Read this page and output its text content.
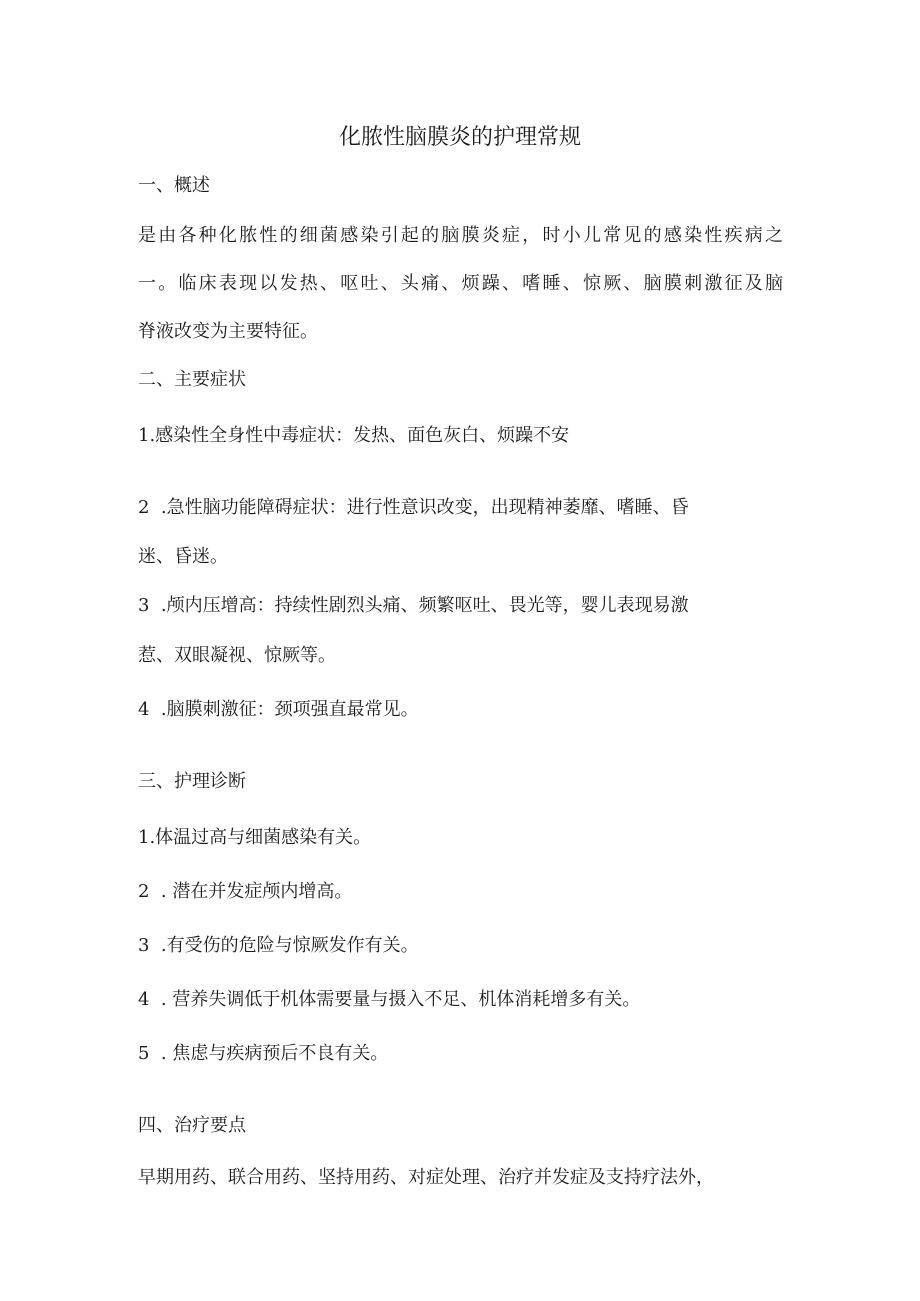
化脓性脑膜炎的护理常规
一、概述
是由各种化脓性的细菌感染引起的脑膜炎症，时小儿常见的感染性疾病之
一。临床表现以发热、呕吐、头痛、烦躁、嗜睡、惊厥、脑膜刺激征及脑
脊液改变为主要特征。
二、主要症状
1.感染性全身性中毒症状：发热、面色灰白、烦躁不安
2  .急性脑功能障碍症状：进行性意识改变，出现精神萎靡、嗜睡、昏
迷、昏迷。
3  .颅内压增高：持续性剧烈头痛、频繁呕吐、畏光等，婴儿表现易激
惹、双眼凝视、惊厥等。
4  .脑膜刺激征：颈项强直最常见。
三、护理诊断
1.体温过高与细菌感染有关。
2  . 潜在并发症颅内增高。
3  .有受伤的危险与惊厥发作有关。
4  . 营养失调低于机体需要量与摄入不足、机体消耗增多有关。
5  . 焦虑与疾病预后不良有关。
四、治疗要点
早期用药、联合用药、坚持用药、对症处理、治疗并发症及支持疗法外，
